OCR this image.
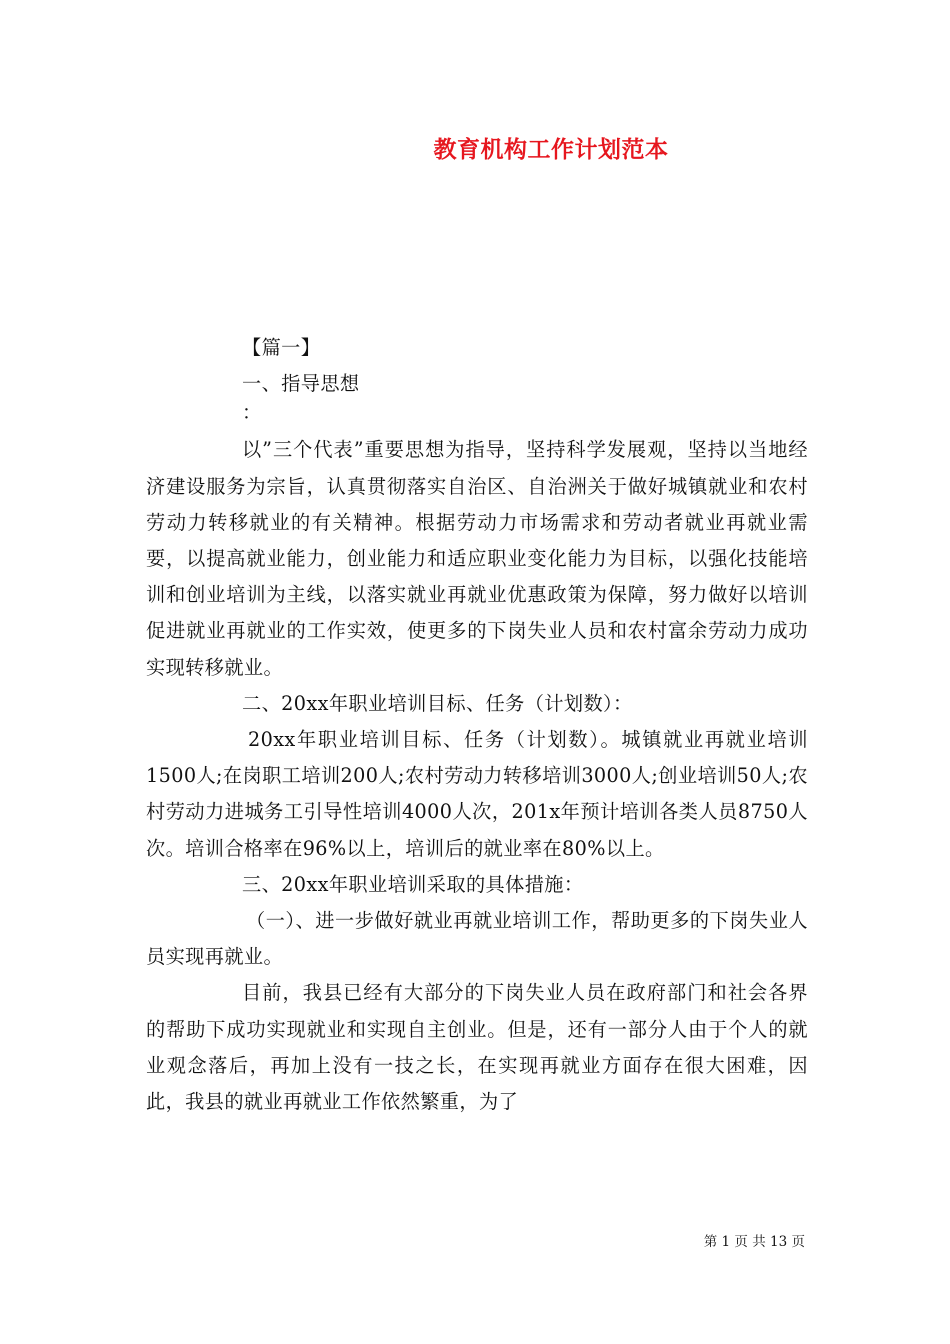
教育机构工作计划范本

【篇一】

一、指导思想

：

以”三个代表”重要思想为指导，坚持科学发展观，坚持以当地经济建设服务为宗旨，认真贯彻落实自治区、自治洲关于做好城镇就业和农村劳动力转移就业的有关精神。根据劳动力市场需求和劳动者就业再就业需要，以提高就业能力，创业能力和适应职业变化能力为目标，以强化技能培训和创业培训为主线，以落实就业再就业优惠政策为保障，努力做好以培训促进就业再就业的工作实效，使更多的下岗失业人员和农村富余劳动力成功实现转移就业。

二、20xx年职业培训目标、任务（计划数）：

20xx年职业培训目标、任务（计划数）。城镇就业再就业培训1500人;在岗职工培训200人;农村劳动力转移培训3000人;创业培训50人;农村劳动力进城务工引导性培训4000人次，201x年预计培训各类人员8750人次。培训合格率在96%以上，培训后的就业率在80%以上。

三、20xx年职业培训采取的具体措施：

（一）、进一步做好就业再就业培训工作，帮助更多的下岗失业人员实现再就业。

目前，我县已经有大部分的下岗失业人员在政府部门和社会各界的帮助下成功实现就业和实现自主创业。但是，还有一部分人由于个人的就业观念落后，再加上没有一技之长，在实现再就业方面存在很大困难，因此，我县的就业再就业工作依然繁重，为了

第 1 页 共 13 页
